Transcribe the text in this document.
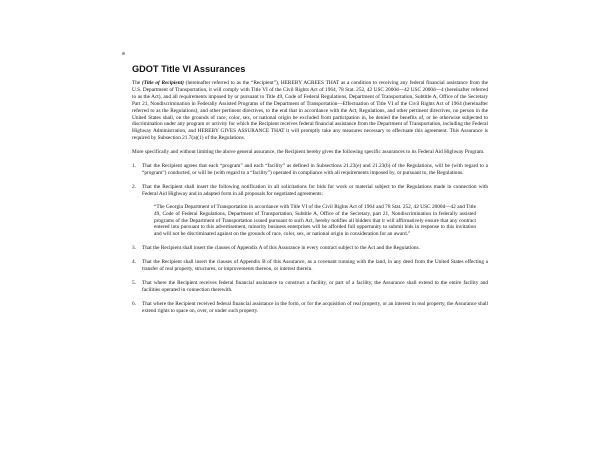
GDOT Title VI Assurances

The (Title of Recipient) (hereinafter referred to as the “Recipient”), HEREBY AGREES THAT as a condition to receiving any federal financial assistance from the U.S. Department of Transportation, it will comply with Title VI of the Civil Rights Act of 1964, 78 Stat. 252, 42 USC 2000d—42 USC 2000d—4 (hereinafter referred to as the Act), and all requirements imposed by or pursuant to Title 49, Code of Federal Regulations, Department of Transportation, Subtitle A, Office of the Secretary Part 21, Nondiscrimination in Federally Assisted Programs of the Department of Transportation—Effectuation of Title VI of the Civil Rights Act of 1964 (hereinafter referred to as the Regulations), and other pertinent directives, to the end that in accordance with the Act, Regulations, and other pertinent directives, no person in the United States shall, on the grounds of race, color, sex, or national origin be excluded from participation in, be denied the benefits of, or be otherwise subjected to discrimination under any program or activity for which the Recipient receives federal financial assistance from the Department of Transportation, including the Federal Highway Administration, and HEREBY GIVES ASSURANCE THAT it will promptly take any measures necessary to effectuate this agreement. This Assurance is required by Subsection 21.7(a)(1) of the Regulations.

More specifically and without limiting the above general assurance, the Recipient hereby gives the following specific assurances to its Federal Aid Highway Program.

1.	That the Recipient agrees that each “program” and each “facility” as defined in Subsections 21.23(e) and 21.23(b) of the Regulations, will be (with regard to a “program”) conducted, or will be (with regard to a “facility”) operated in compliance with all requirements imposed by, or pursuant to, the Regulations.
2.	That the Recipient shall insert the following notification in all solicitations for bids for work or material subject to the Regulations made in connection with Federal Aid Highway and in adapted form in all proposals for negotiated agreements:
“The Georgia Department of Transportation in accordance with Title VI of the Civil Rights Act of 1964 and 78 Stat. 252, 42 USC 2000d—42 and Title 49, Code of Federal Regulations, Department of Transportation, Subtitle A, Office of the Secretary, part 21, Nondiscrimination in federally assisted programs of the Department of Transportation issued pursuant to such Act, hereby notifies all bidders that it will affirmatively ensure that any contract entered into pursuant to this advertisement, minority business enterprises will be afforded full opportunity to submit bids in response to this invitation and will not be discriminated against on the grounds of race, color, sex, or national origin in consideration for an award.”
3.	That the Recipient shall insert the clauses of Appendix A of this Assurance in every contract subject to the Act and the Regulations.
4.	That the Recipient shall insert the clauses of Appendix B of this Assurance, as a covenant running with the land, in any deed from the United States effecting a transfer of real property, structures, or improvements thereon, or interest therein.
5.	That where the Recipient receives federal financial assistance to construct a facility, or part of a facility, the Assurance shall extend to the entire facility and facilities operated in connection therewith.
6.	That where the Recipient received federal financial assistance in the form, or for the acquisition of real property, or an interest in real property, the Assurance shall extend rights to space on, over, or under such property.
